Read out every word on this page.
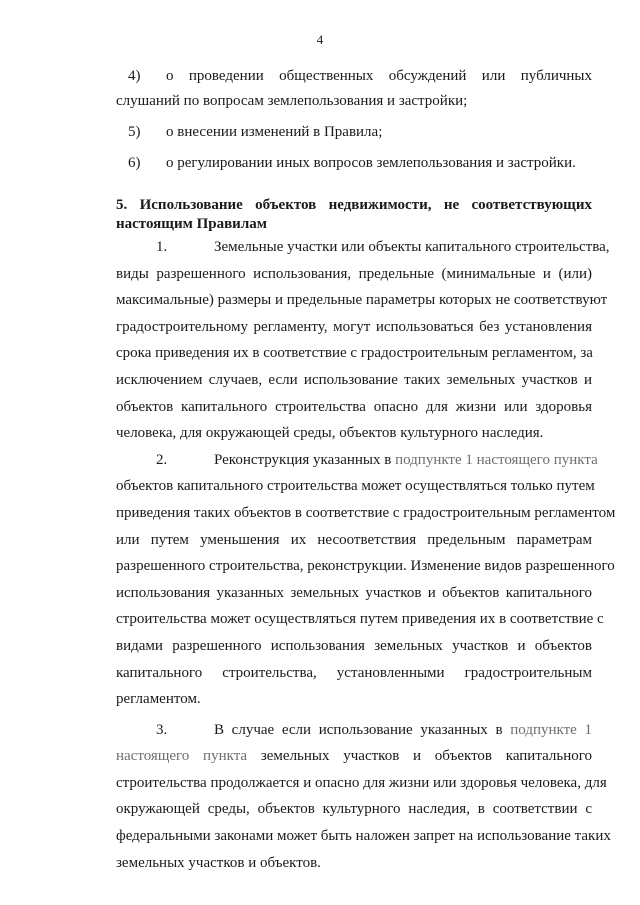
4
4) о проведении общественных обсуждений или публичных
слушаний по вопросам землепользования и застройки;
5) о внесении изменений в Правила;
6) о регулировании иных вопросов землепользования и застройки.
5. Использование объектов недвижимости, не соответствующих
настоящим Правилам
1.	Земельные участки или объекты капитального строительства,
виды разрешенного использования, предельные (минимальные и (или)
максимальные) размеры и предельные параметры которых не соответствуют
градостроительному регламенту, могут использоваться без установления
срока приведения их в соответствие с градостроительным регламентом, за
исключением случаев, если использование таких земельных участков и
объектов капитального строительства опасно для жизни или здоровья
человека, для окружающей среды, объектов культурного наследия.
2.	Реконструкция указанных в подпункте 1 настоящего пункта
объектов капитального строительства может осуществляться только путем
приведения таких объектов в соответствие с градостроительным регламентом
или путем уменьшения их несоответствия предельным параметрам
разрешенного строительства, реконструкции. Изменение видов разрешенного
использования указанных земельных участков и объектов капитального
строительства может осуществляться путем приведения их в соответствие с
видами разрешенного использования земельных участков и объектов
капитального строительства, установленными градостроительным
регламентом.
3.	В случае если использование указанных в подпункте 1
настоящего пункта земельных участков и объектов капитального
строительства продолжается и опасно для жизни или здоровья человека, для
окружающей среды, объектов культурного наследия, в соответствии с
федеральными законами может быть наложен запрет на использование таких
земельных участков и объектов.
